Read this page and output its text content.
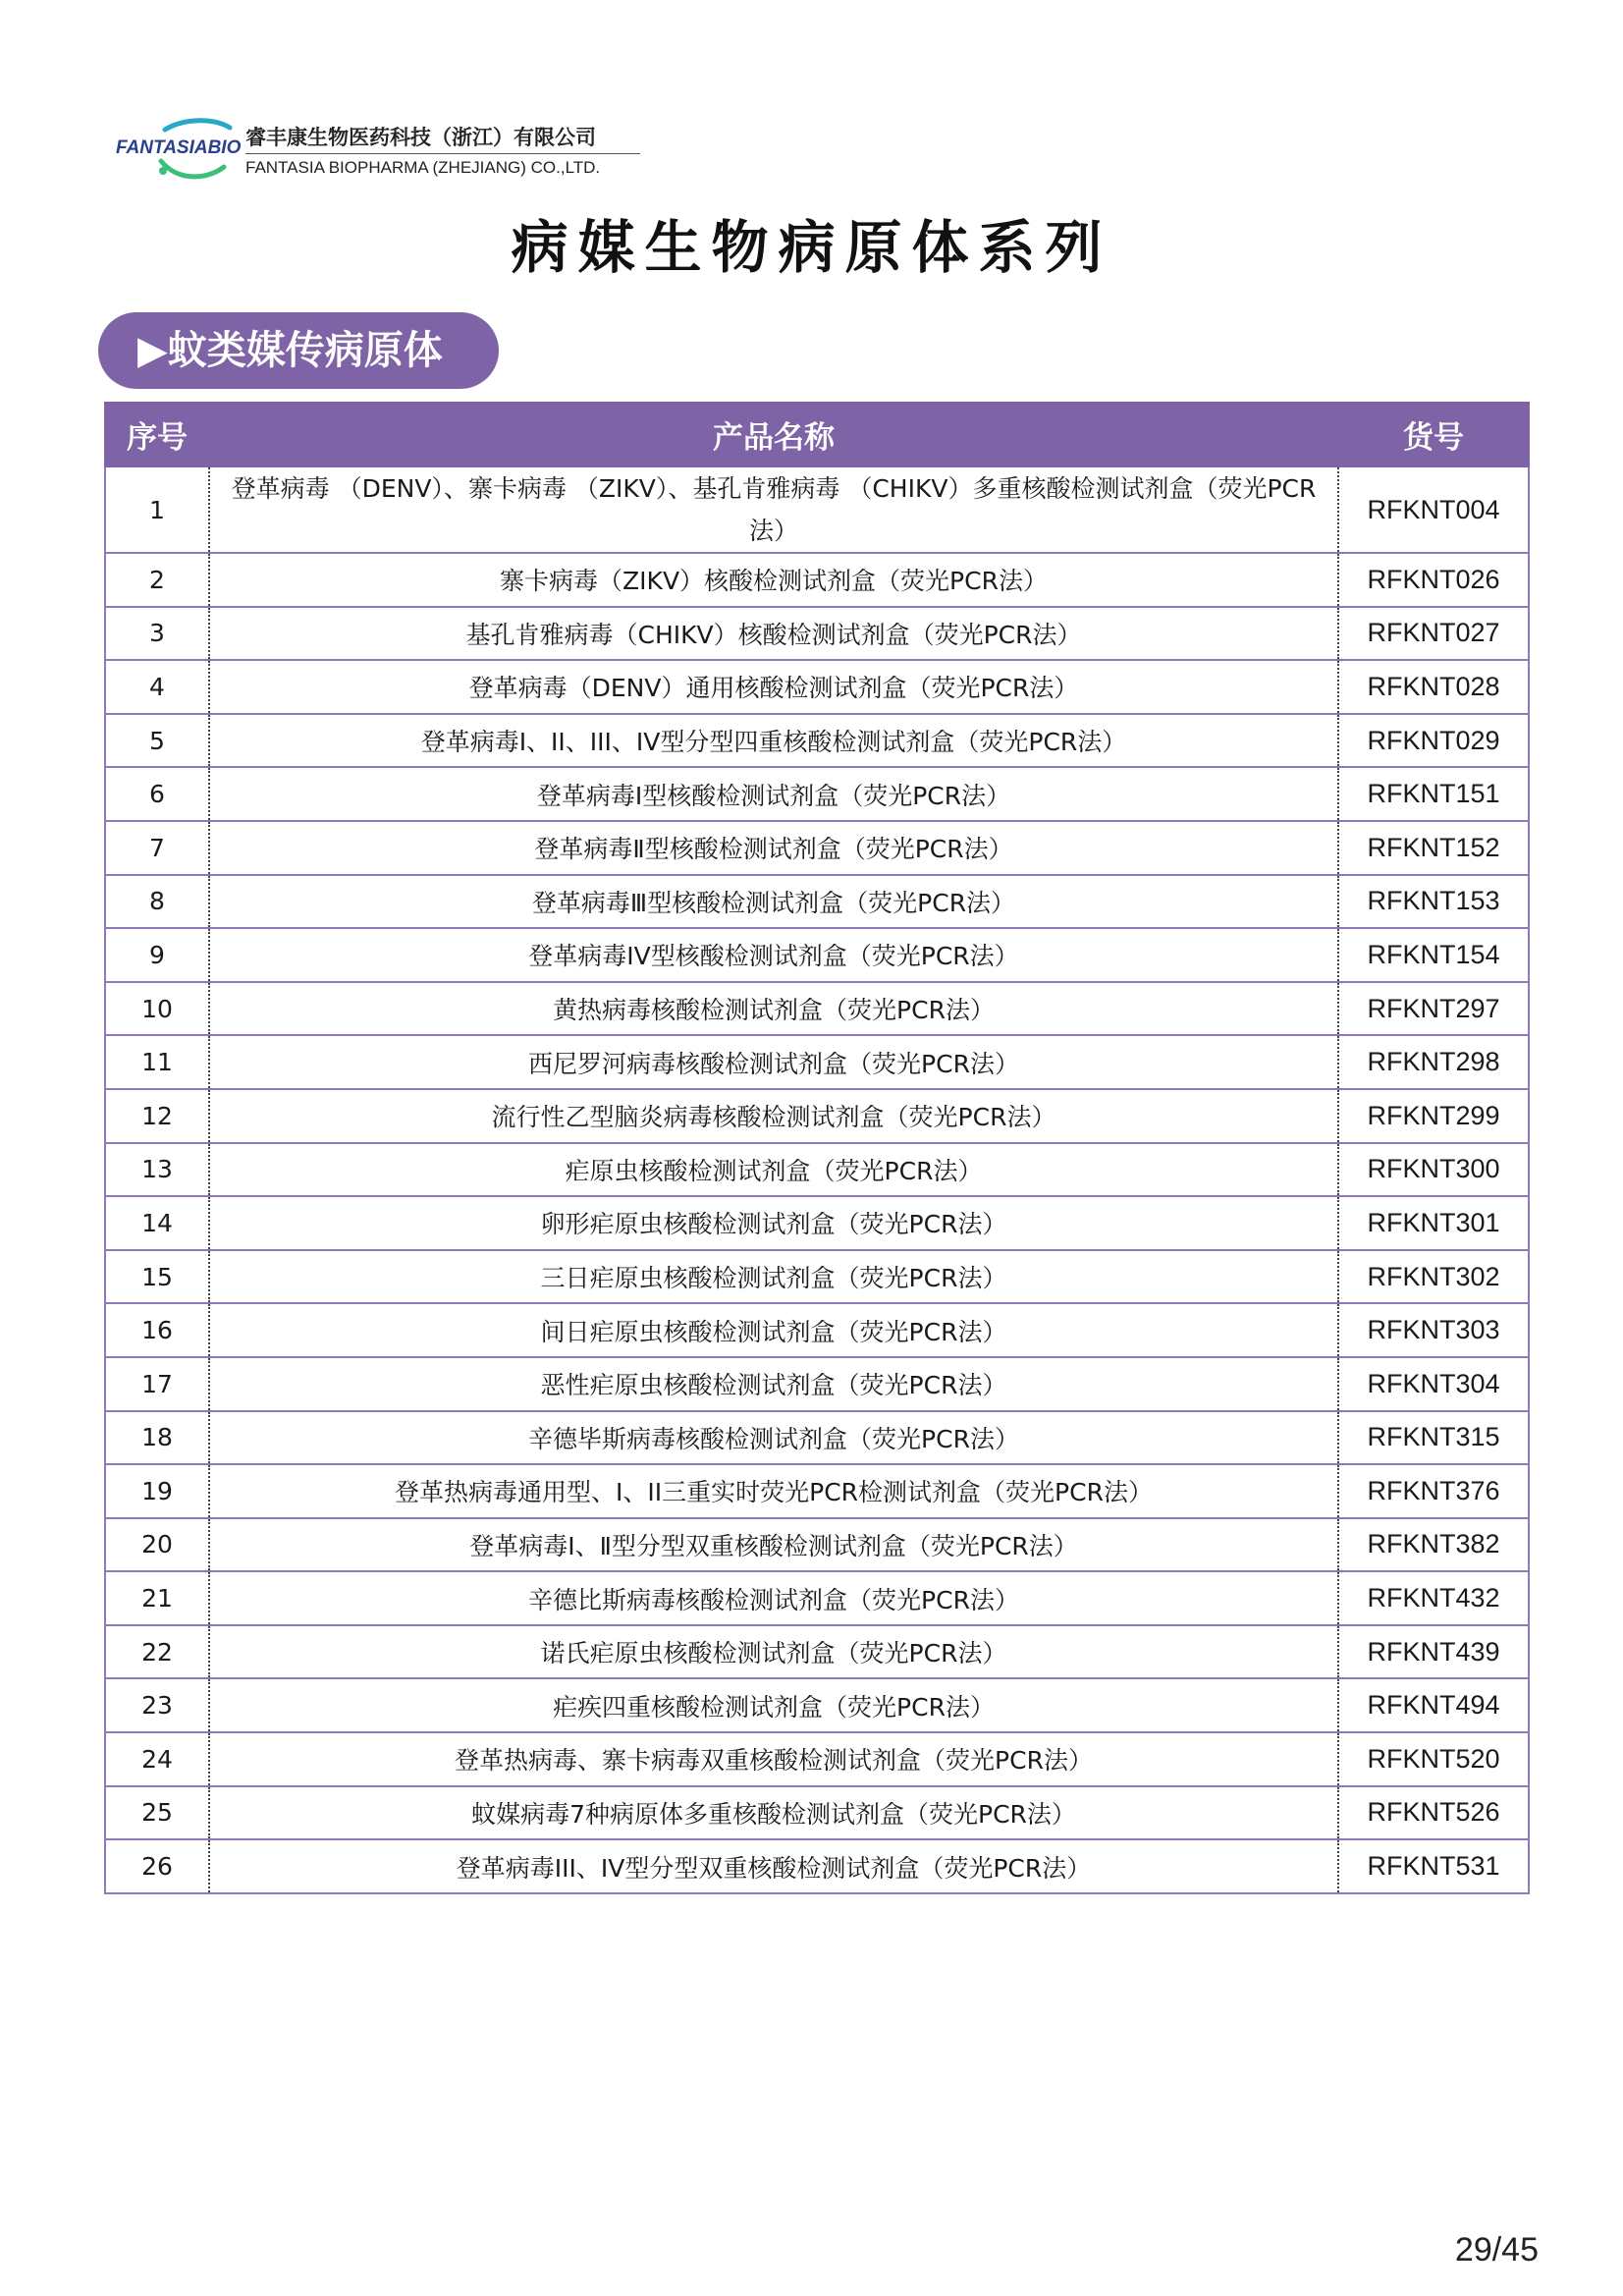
FANTASIABIO 睿丰康生物医药科技（浙江）有限公司
FANTASIA BIOPHARMA (ZHEJIANG) CO.,LTD.
病媒生物病原体系列
▶蚊类媒传病原体
序号	产品名称	货号
1	登革病毒 （DENV）、寨卡病毒 （ZIKV）、基孔肯雅病毒 （CHIKV）多重核酸检测试剂盒（荧光PCR法）	RFKNT004
2	寨卡病毒（ZIKV）核酸检测试剂盒（荧光PCR法）	RFKNT026
3	基孔肯雅病毒（CHIKV）核酸检测试剂盒（荧光PCR法）	RFKNT027
4	登革病毒（DENV）通用核酸检测试剂盒（荧光PCR法）	RFKNT028
5	登革病毒I、II、III、IV型分型四重核酸检测试剂盒（荧光PCR法）	RFKNT029
6	登革病毒I型核酸检测试剂盒（荧光PCR法）	RFKNT151
7	登革病毒Ⅱ型核酸检测试剂盒（荧光PCR法）	RFKNT152
8	登革病毒Ⅲ型核酸检测试剂盒（荧光PCR法）	RFKNT153
9	登革病毒IV型核酸检测试剂盒（荧光PCR法）	RFKNT154
10	黄热病毒核酸检测试剂盒（荧光PCR法）	RFKNT297
11	西尼罗河病毒核酸检测试剂盒（荧光PCR法）	RFKNT298
12	流行性乙型脑炎病毒核酸检测试剂盒（荧光PCR法）	RFKNT299
13	疟原虫核酸检测试剂盒（荧光PCR法）	RFKNT300
14	卵形疟原虫核酸检测试剂盒（荧光PCR法）	RFKNT301
15	三日疟原虫核酸检测试剂盒（荧光PCR法）	RFKNT302
16	间日疟原虫核酸检测试剂盒（荧光PCR法）	RFKNT303
17	恶性疟原虫核酸检测试剂盒（荧光PCR法）	RFKNT304
18	辛德毕斯病毒核酸检测试剂盒（荧光PCR法）	RFKNT315
19	登革热病毒通用型、I、II三重实时荧光PCR检测试剂盒（荧光PCR法）	RFKNT376
20	登革病毒Ⅰ、Ⅱ型分型双重核酸检测试剂盒（荧光PCR法）	RFKNT382
21	辛德比斯病毒核酸检测试剂盒（荧光PCR法）	RFKNT432
22	诺氏疟原虫核酸检测试剂盒（荧光PCR法）	RFKNT439
23	疟疾四重核酸检测试剂盒（荧光PCR法）	RFKNT494
24	登革热病毒、寨卡病毒双重核酸检测试剂盒（荧光PCR法）	RFKNT520
25	蚊媒病毒7种病原体多重核酸检测试剂盒（荧光PCR法）	RFKNT526
26	登革病毒III、IV型分型双重核酸检测试剂盒（荧光PCR法）	RFKNT531
29/45
